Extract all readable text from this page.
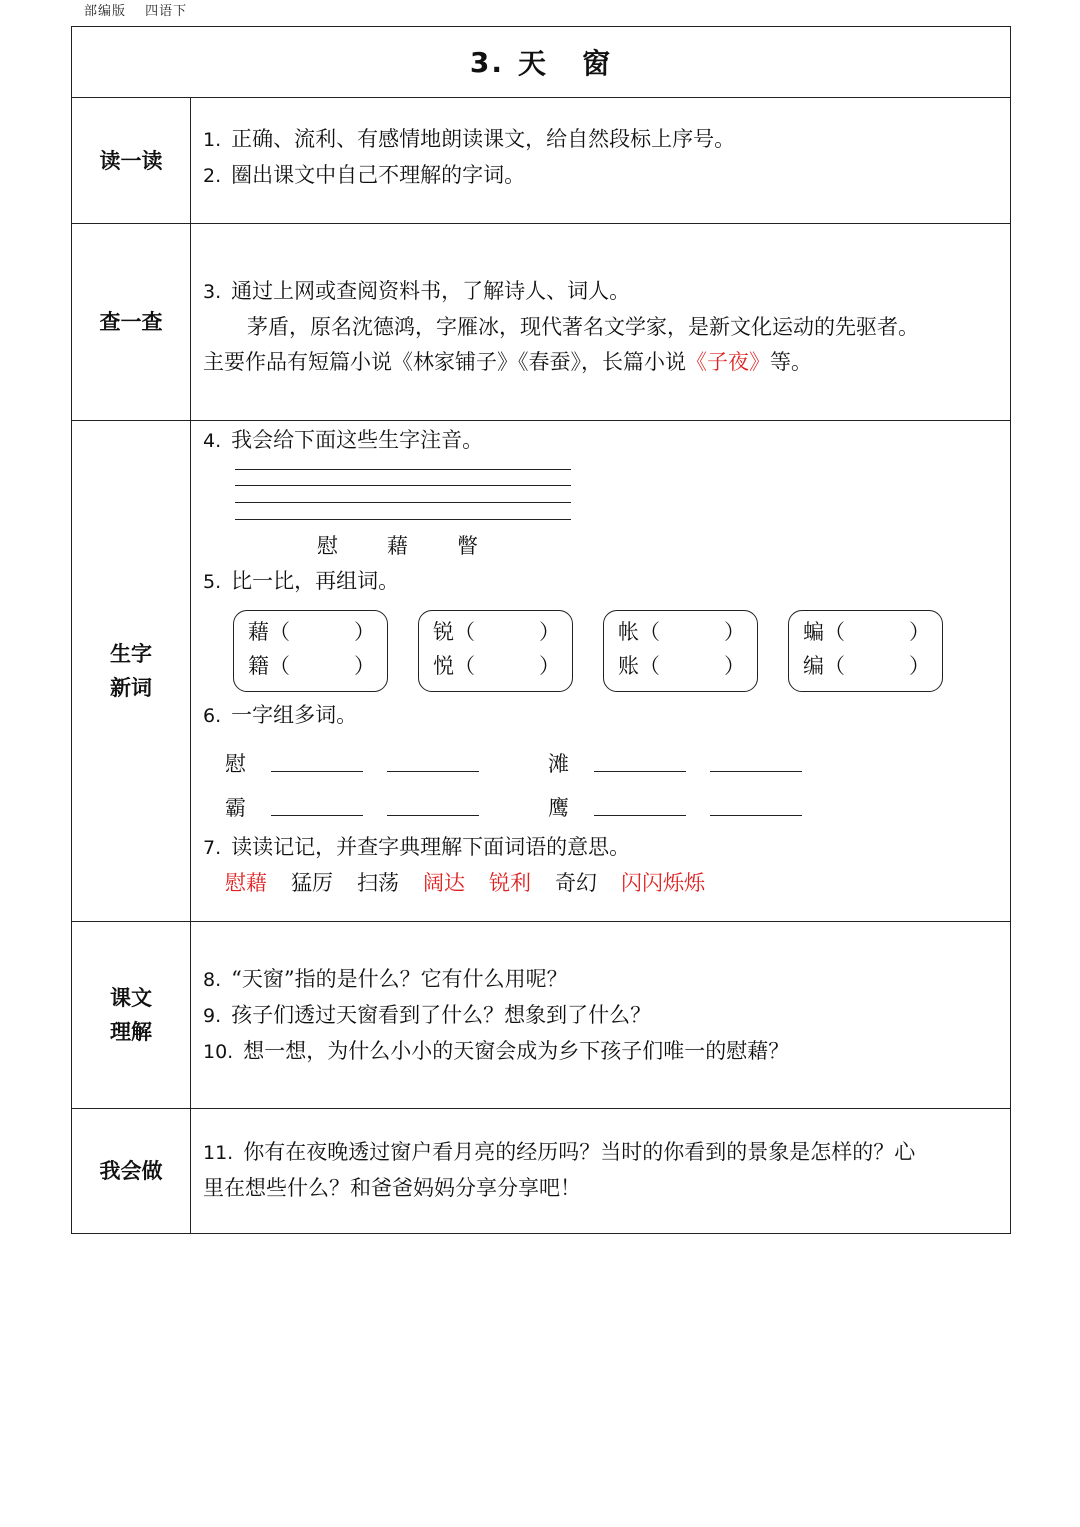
部编版 四语下
3. 天 窗
读一读
1. 正确、流利、有感情地朗读课文，给自然段标上序号。
2. 圈出课文中自己不理解的字词。
查一查
3. 通过上网或查阅资料书，了解诗人、词人。
茅盾，原名沈德鸿，字雁冰，现代著名文学家，是新文化运动的先驱者。
主要作品有短篇小说《林家铺子》《春蚕》，长篇小说《子夜》等。
生字
新词
4. 我会给下面这些生字注音。
慰 藉 瞥
5. 比一比，再组词。
藉（	）
籍（	）
锐（	）
悦（	）
帐（	）
账（	）
蝙（	）
编（	）
6. 一字组多词。
慰	滩
霸	鹰
7. 读读记记，并查字典理解下面词语的意思。
慰藉 猛厉 扫荡 阔达 锐利 奇幻 闪闪烁烁
课文
理解
8. “天窗”指的是什么？它有什么用呢？
9. 孩子们透过天窗看到了什么？想象到了什么？
10. 想一想，为什么小小的天窗会成为乡下孩子们唯一的慰藉？
我会做
11. 你有在夜晚透过窗户看月亮的经历吗？当时的你看到的景象是怎样的？心
里在想些什么？和爸爸妈妈分享分享吧！
